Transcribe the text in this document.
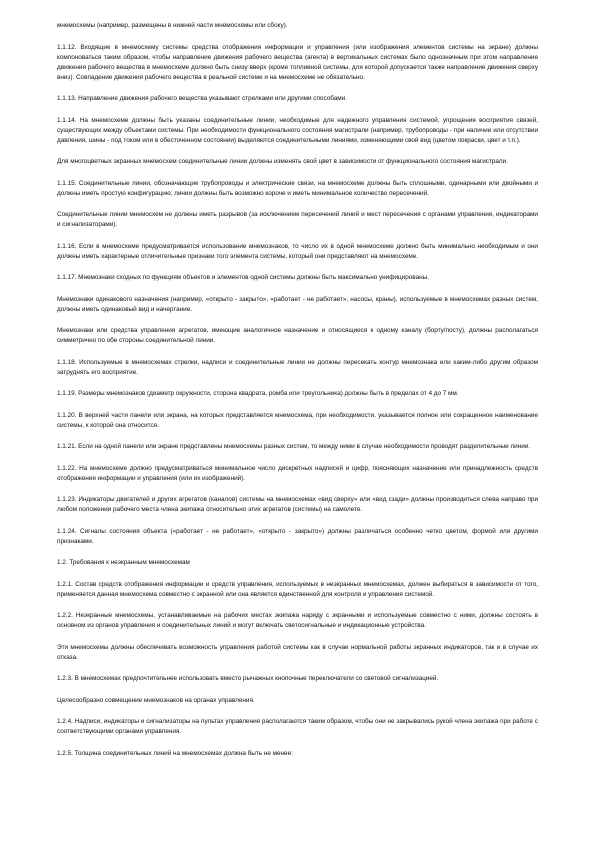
мнемосхемы (например, размещены в нижней части мнемосхемы или сбоку).

1.1.12. Входящие в мнемосхему системы средства отображения информации и управления (или изображения элементов системы на экране) должны компоноваться таким образом, чтобы направление движения рабочего вещества (агента) в вертикальных системах было однозначным при этом направление движения рабочего вещества в мнемосхеме должно быть снизу вверх (кроме топливной системы, для которой допускается также направление движения сверху вниз). Совпадение движения рабочего вещества в реальной системе и на мнемосхеме не обязательно.

1.1.13. Направление движения рабочего вещества указывают стрелками или другими способами.

1.1.14. На мнемосхеме должны быть указаны соединительные линии, необходимые для надежного управления системой, упрощения восприятия связей, существующих между объектами системы. При необходимости функционального состояния магистрали (например, трубопроводы - при наличии или отсутствии давления, шины - под током или в обесточенном состоянии) выделяются соединительными линиями, изменяющими свой вид (цветом покраски, цвет и т.п.).

Для многоцветных экранных мнемосхем соединительные линии должны изменять свой цвет в зависимости от функционального состояния магистрали.

1.1.15. Соединительные линии, обозначающие трубопроводы и электрические связи, на мнемосхеме должны быть сплошными, одинарными или двойными и должны иметь простую конфигурацию; линии должны быть возможно короче и иметь минимальное количество пересечений.

Соединительные линии мнемосхем не должны иметь разрывов (за исключением пересечений линий и мест пересечения с органами управления, индикаторами и сигнализаторами).

1.1.16. Если в мнемосхеме предусматривается использование мнемознаков, то число их в одной мнемосхеме должно быть минимально необходимым и они должны иметь характерные отличительные признаки того элемента системы, который они представляют на мнемосхеме.

1.1.17. Мнемознаки сходных по функциям объектов и элементов одной системы должны быть максимально унифицированы.

Мнемознаки одинакового назначения (например, «открыто - закрыто», «работает - не работает», насосы, краны), используемые в мнемосхемах разных систем, должны иметь одинаковый вид и начертание.

Мнемознаки или средства управления агрегатов, имеющие аналогичное назначение и относящиеся к одному каналу (борту/посту), должны располагаться симметрично по обе стороны соединительной линии.

1.1.18. Используемые в мнемосхемах стрелки, надписи и соединительные линии не должны пересекать контур мнемознака или каким-либо другим образом затруднять его восприятие.

1.1.19. Размеры мнемознаков (диаметр окружности, сторона квадрата, ромба или треугольника) должны быть в пределах от 4 до 7 мм.

1.1.20. В верхней части панели или экрана, на которых представляется мнемосхема, при необходимости, указывается полное или сокращенное наименование системы, к которой она относится.

1.1.21. Если на одной панели или экране представлены мнемосхемы разных систем, то между ними в случае необходимости проводят разделительные линии.

1.1.22. На мнемосхеме должно предусматриваться минимальное число дискретных надписей и цифр, поясняющих назначение или принадлежность средств отображения информации и управления (или их изображений).

1.1.23. Индикаторы двигателей и других агрегатов (каналов) системы на мнемосхемах «вид сверху» или «вид сзади» должны производиться слева направо при любом положении рабочего места члена экипажа относительно этих агрегатов (системы) на самолете.

1.1.24. Сигналы состояния объекта («работает - не работает», «открыто - закрыто») должны различаться особенно четко цветом, формой или другими признаками.

1.2. Требования к неэкранным мнемосхемам

1.2.1. Состав средств отображения информации и средств управления, используемых в неэкранных мнемосхемах, должен выбираться в зависимости от того, применяется данная мнемосхема совместно с экранной или она является единственной для контроля и управления системой.

1.2.2. Неэкранные мнемосхемы, устанавливаемые на рабочих местах экипажа наряду с экранными и используемые совместно с ними, должны состоять в основном из органов управления и соединительных линий и могут включать светосигнальные и индикационные устройства.

Эти мнемосхемы должны обеспечивать возможность управления работой системы как в случае нормальной работы экранных индикаторов, так и в случае их отказа.

1.2.3. В мнемосхемах предпочтительнее использовать вместо рычажных кнопочные переключатели со световой сигнализацией.

Целесообразно совмещение мнемознаков на органах управления.

1.2.4. Надписи, индикаторы и сигнализаторы на пультах управления располагаются таким образом, чтобы они не закрывались рукой члена экипажа при работе с соответствующими органами управления.

1.2.5. Толщина соединительных линий на мнемосхемах должна быть не менее:
